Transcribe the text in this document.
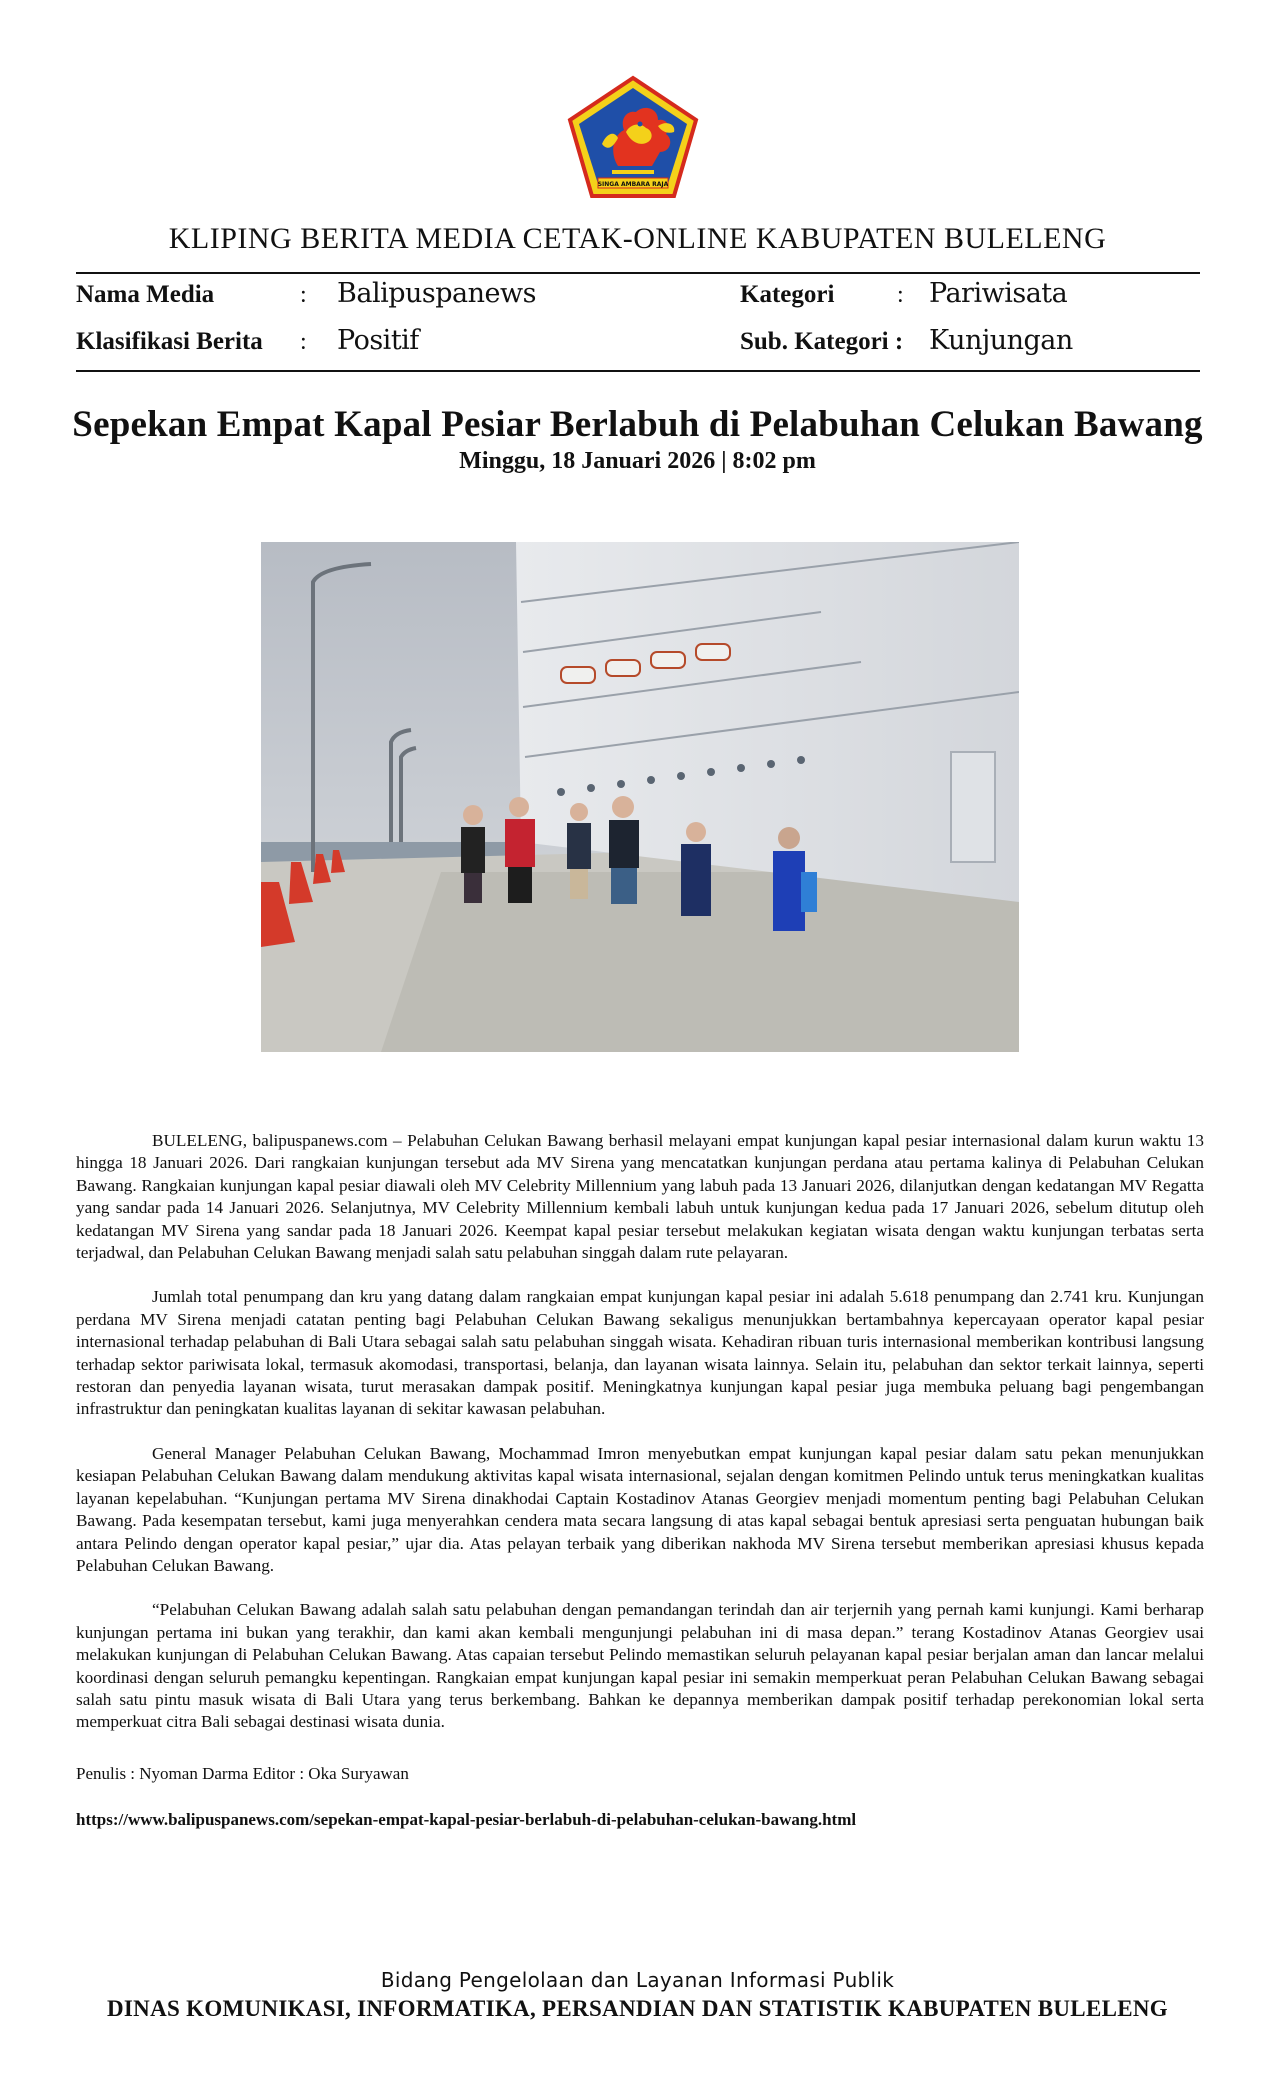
SINGA AMBARA RAJA
KLIPING BERITA MEDIA CETAK-ONLINE KABUPATEN BULELENG
Nama Media	: Balipuspanews	Kategori	: Pariwisata
Klasifikasi Berita : Positif	Sub. Kategori : Kunjungan
Sepekan Empat Kapal Pesiar Berlabuh di Pelabuhan Celukan Bawang
Minggu, 18 Januari 2026 | 8:02 pm

BULELENG, balipuspanews.com – Pelabuhan Celukan Bawang berhasil melayani empat kunjungan kapal pesiar internasional dalam kurun waktu 13 hingga 18 Januari 2026. Dari rangkaian kunjungan tersebut ada MV Sirena yang mencatatkan kunjungan perdana atau pertama kalinya di Pelabuhan Celukan Bawang. Rangkaian kunjungan kapal pesiar diawali oleh MV Celebrity Millennium yang labuh pada 13 Januari 2026, dilanjutkan dengan kedatangan MV Regatta yang sandar pada 14 Januari 2026. Selanjutnya, MV Celebrity Millennium kembali labuh untuk kunjungan kedua pada 17 Januari 2026, sebelum ditutup oleh kedatangan MV Sirena yang sandar pada 18 Januari 2026. Keempat kapal pesiar tersebut melakukan kegiatan wisata dengan waktu kunjungan terbatas serta terjadwal, dan Pelabuhan Celukan Bawang menjadi salah satu pelabuhan singgah dalam rute pelayaran.

Jumlah total penumpang dan kru yang datang dalam rangkaian empat kunjungan kapal pesiar ini adalah 5.618 penumpang dan 2.741 kru. Kunjungan perdana MV Sirena menjadi catatan penting bagi Pelabuhan Celukan Bawang sekaligus menunjukkan bertambahnya kepercayaan operator kapal pesiar internasional terhadap pelabuhan di Bali Utara sebagai salah satu pelabuhan singgah wisata. Kehadiran ribuan turis internasional memberikan kontribusi langsung terhadap sektor pariwisata lokal, termasuk akomodasi, transportasi, belanja, dan layanan wisata lainnya. Selain itu, pelabuhan dan sektor terkait lainnya, seperti restoran dan penyedia layanan wisata, turut merasakan dampak positif. Meningkatnya kunjungan kapal pesiar juga membuka peluang bagi pengembangan infrastruktur dan peningkatan kualitas layanan di sekitar kawasan pelabuhan.

General Manager Pelabuhan Celukan Bawang, Mochammad Imron menyebutkan empat kunjungan kapal pesiar dalam satu pekan menunjukkan kesiapan Pelabuhan Celukan Bawang dalam mendukung aktivitas kapal wisata internasional, sejalan dengan komitmen Pelindo untuk terus meningkatkan kualitas layanan kepelabuhan. “Kunjungan pertama MV Sirena dinakhodai Captain Kostadinov Atanas Georgiev menjadi momentum penting bagi Pelabuhan Celukan Bawang. Pada kesempatan tersebut, kami juga menyerahkan cendera mata secara langsung di atas kapal sebagai bentuk apresiasi serta penguatan hubungan baik antara Pelindo dengan operator kapal pesiar,” ujar dia. Atas pelayan terbaik yang diberikan nakhoda MV Sirena tersebut memberikan apresiasi khusus kepada Pelabuhan Celukan Bawang.

“Pelabuhan Celukan Bawang adalah salah satu pelabuhan dengan pemandangan terindah dan air terjernih yang pernah kami kunjungi. Kami berharap kunjungan pertama ini bukan yang terakhir, dan kami akan kembali mengunjungi pelabuhan ini di masa depan.” terang Kostadinov Atanas Georgiev usai melakukan kunjungan di Pelabuhan Celukan Bawang. Atas capaian tersebut Pelindo memastikan seluruh pelayanan kapal pesiar berjalan aman dan lancar melalui koordinasi dengan seluruh pemangku kepentingan. Rangkaian empat kunjungan kapal pesiar ini semakin memperkuat peran Pelabuhan Celukan Bawang sebagai salah satu pintu masuk wisata di Bali Utara yang terus berkembang. Bahkan ke depannya memberikan dampak positif terhadap perekonomian lokal serta memperkuat citra Bali sebagai destinasi wisata dunia.

Penulis : Nyoman Darma Editor : Oka Suryawan
https://www.balipuspanews.com/sepekan-empat-kapal-pesiar-berlabuh-di-pelabuhan-celukan-bawang.html
Bidang Pengelolaan dan Layanan Informasi Publik
DINAS KOMUNIKASI, INFORMATIKA, PERSANDIAN DAN STATISTIK KABUPATEN BULELENG
